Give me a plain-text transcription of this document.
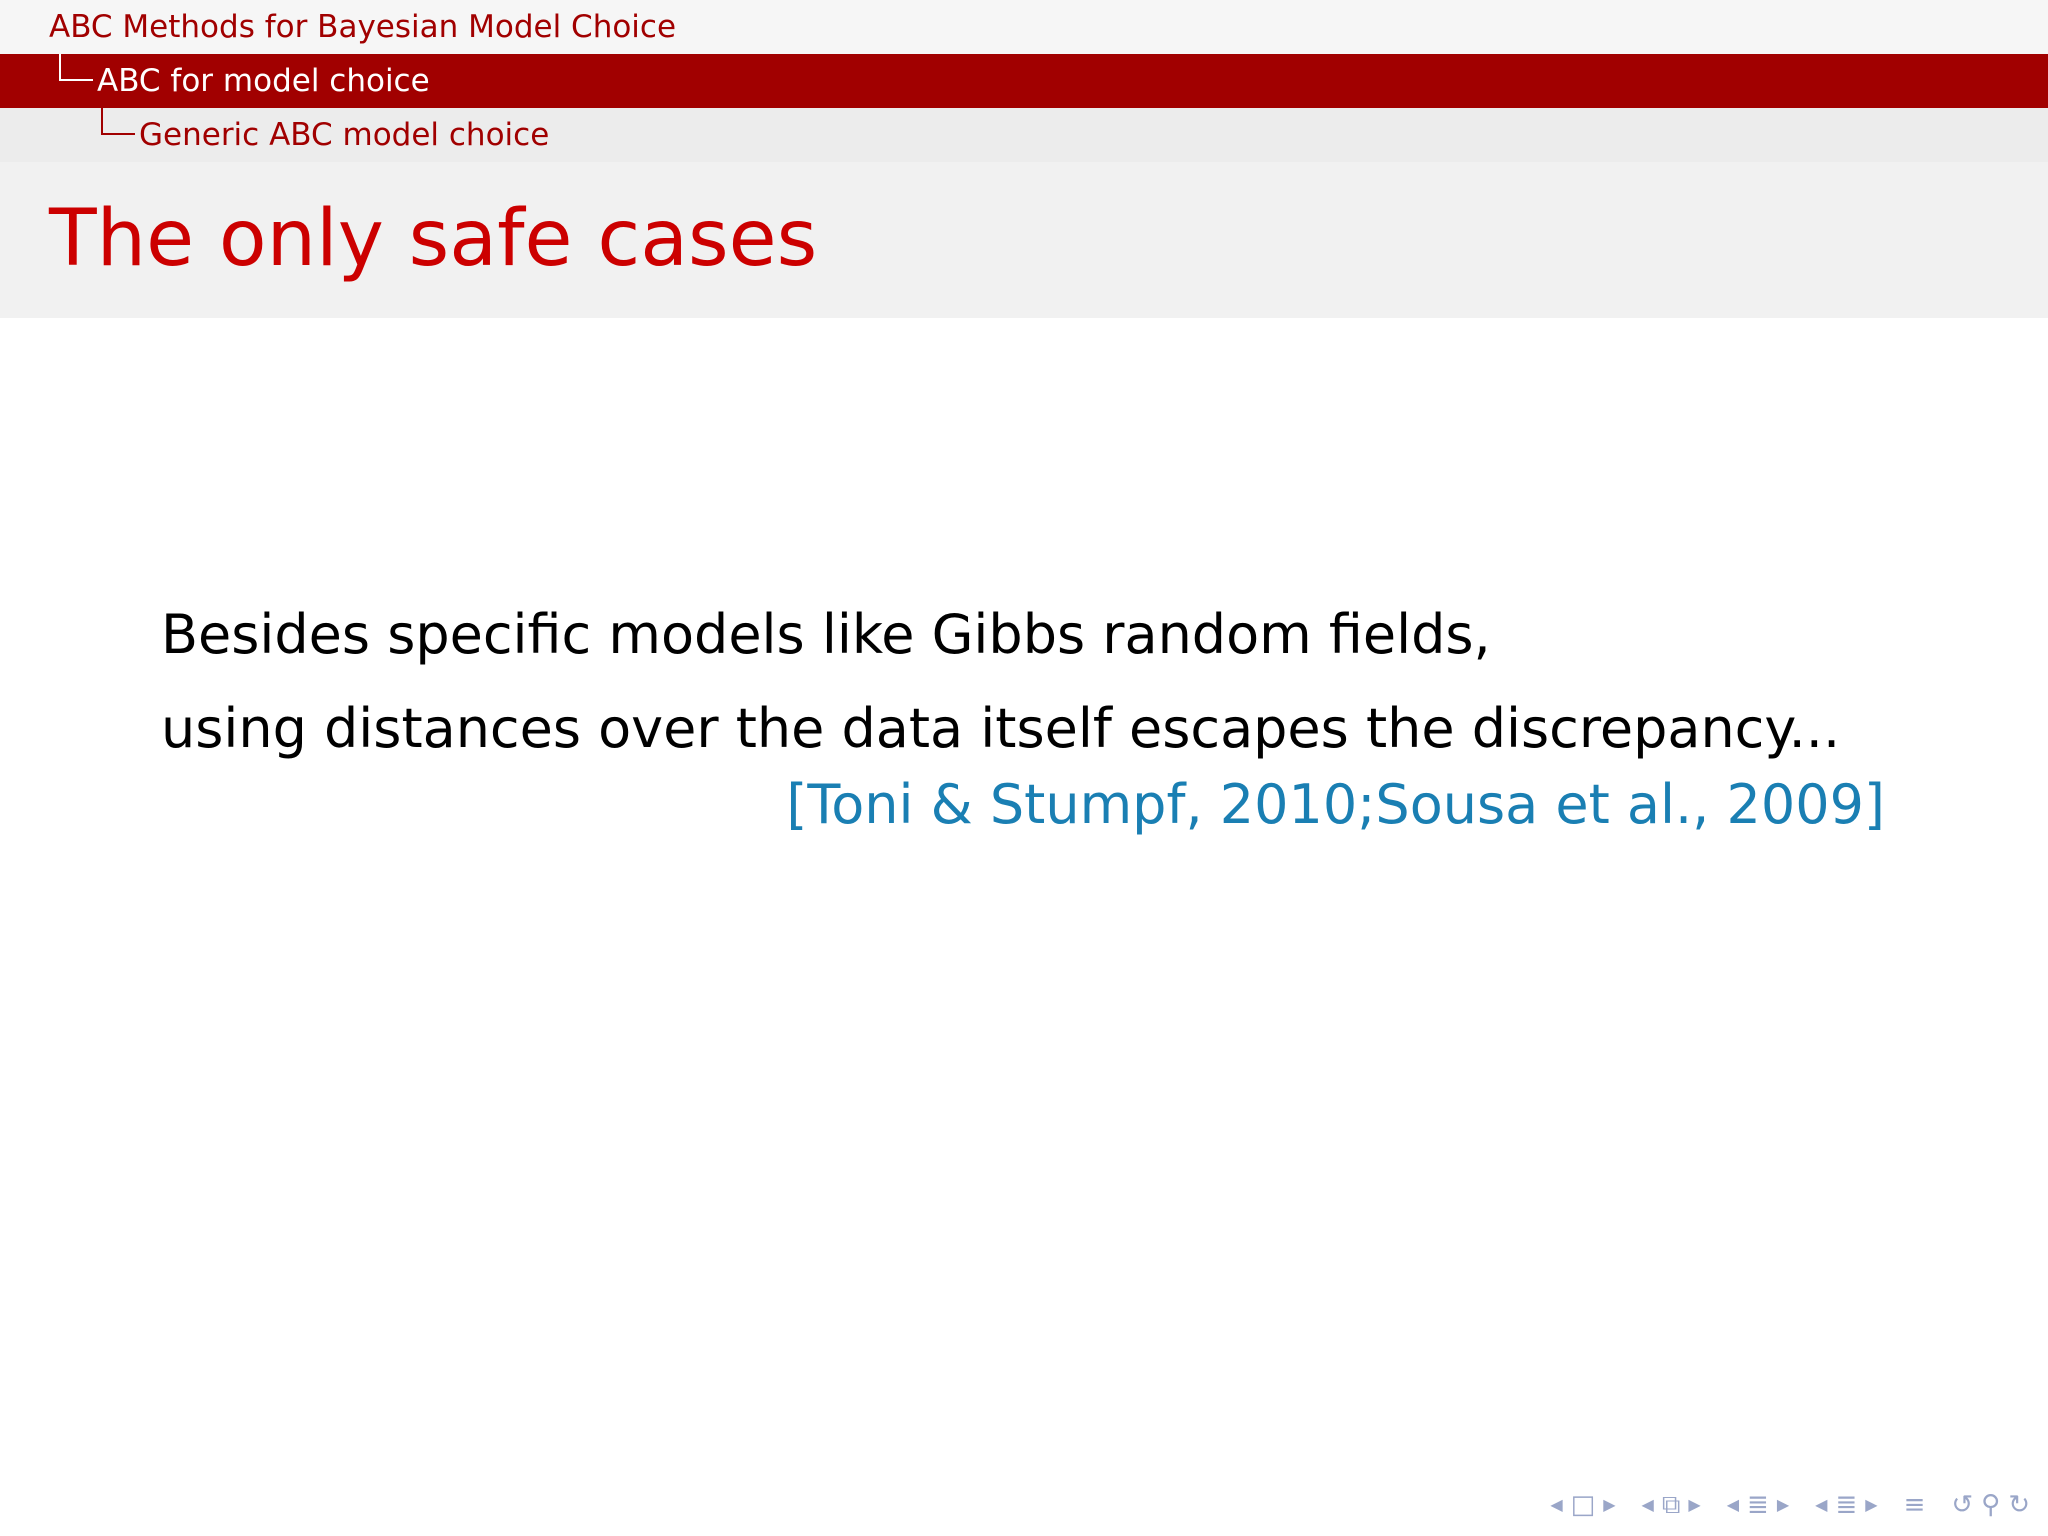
ABC Methods for Bayesian Model Choice
ABC for model choice
Generic ABC model choice
The only safe cases

Besides specific models like Gibbs random fields,

using distances over the data itself escapes the discrepancy...

[Toni & Stumpf, 2010;Sousa et al., 2009]

◀ □ ▶ ◀ ⧉ ▶ ◀ ≣ ▶ ◀ ≣ ▶ ≡ ↺ ⚲ ↻
